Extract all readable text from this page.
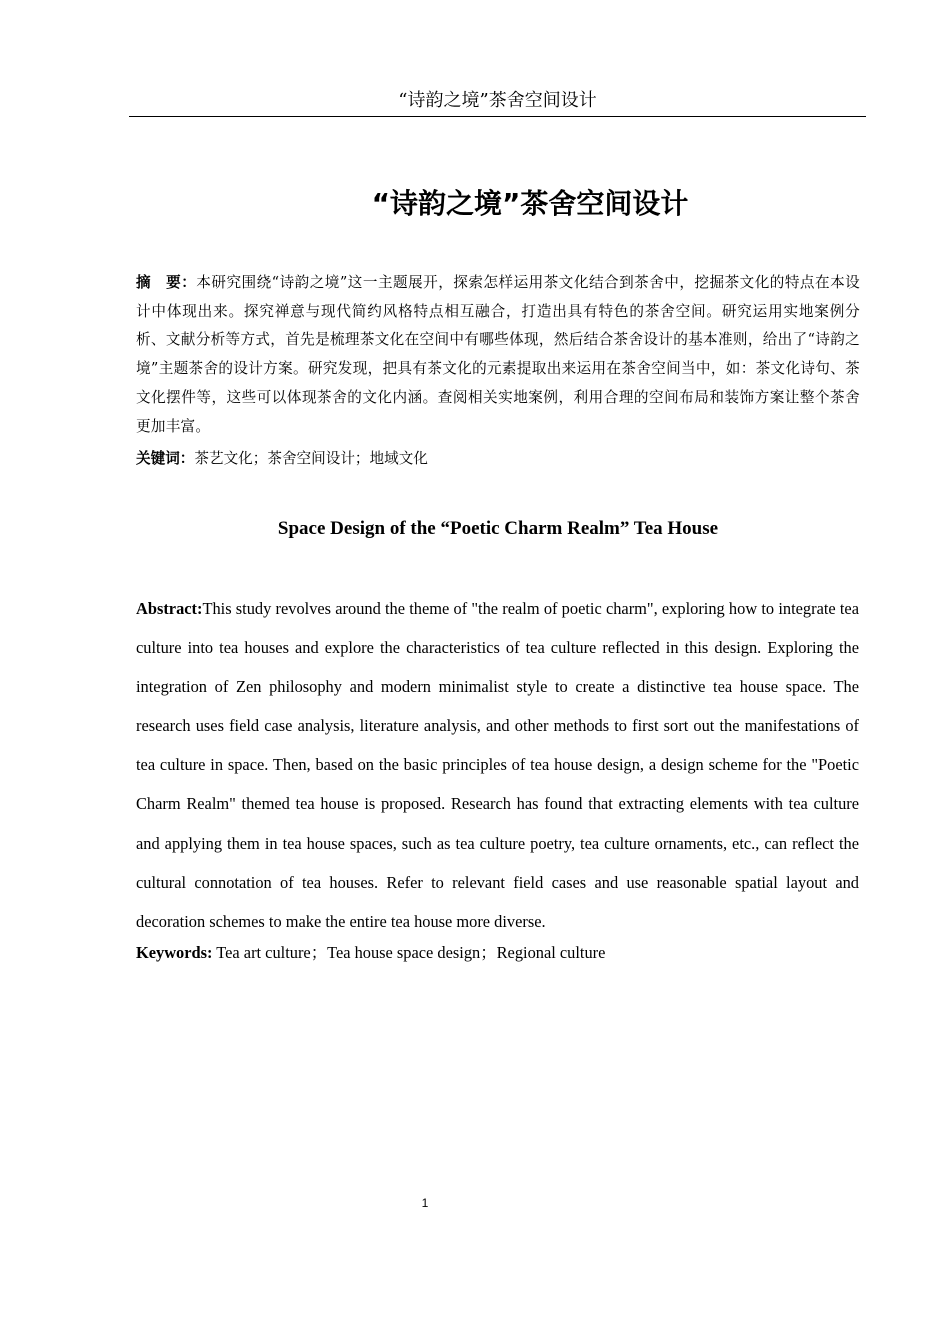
“诗韵之境”茶舍空间设计
“诗韵之境”茶舍空间设计
摘　要：本研究围绕“诗韵之境”这一主题展开，探索怎样运用茶文化结合到茶舍中，挖掘茶文化的特点在本设计中体现出来。探究禅意与现代简约风格特点相互融合，打造出具有特色的茶舍空间。研究运用实地案例分析、文献分析等方式，首先是梳理茶文化在空间中有哪些体现，然后结合茶舍设计的基本准则，给出了“诗韵之境”主题茶舍的设计方案。研究发现，把具有茶文化的元素提取出来运用在茶舍空间当中，如：茶文化诗句、茶文化摆件等，这些可以体现茶舍的文化内涵。查阅相关实地案例，利用合理的空间布局和装饰方案让整个茶舍更加丰富。
关键词：茶艺文化；茶舍空间设计；地域文化
Space Design of the “Poetic Charm Realm” Tea House
Abstract:This study revolves around the theme of "the realm of poetic charm", exploring how to integrate tea culture into tea houses and explore the characteristics of tea culture reflected in this design. Exploring the integration of Zen philosophy and modern minimalist style to create a distinctive tea house space. The research uses field case analysis, literature analysis, and other methods to first sort out the manifestations of tea culture in space. Then, based on the basic principles of tea house design, a design scheme for the "Poetic Charm Realm" themed tea house is proposed. Research has found that extracting elements with tea culture and applying them in tea house spaces, such as tea culture poetry, tea culture ornaments, etc., can reflect the cultural connotation of tea houses. Refer to relevant field cases and use reasonable spatial layout and decoration schemes to make the entire tea house more diverse.
Keywords: Tea art culture；Tea house space design；Regional culture
1
